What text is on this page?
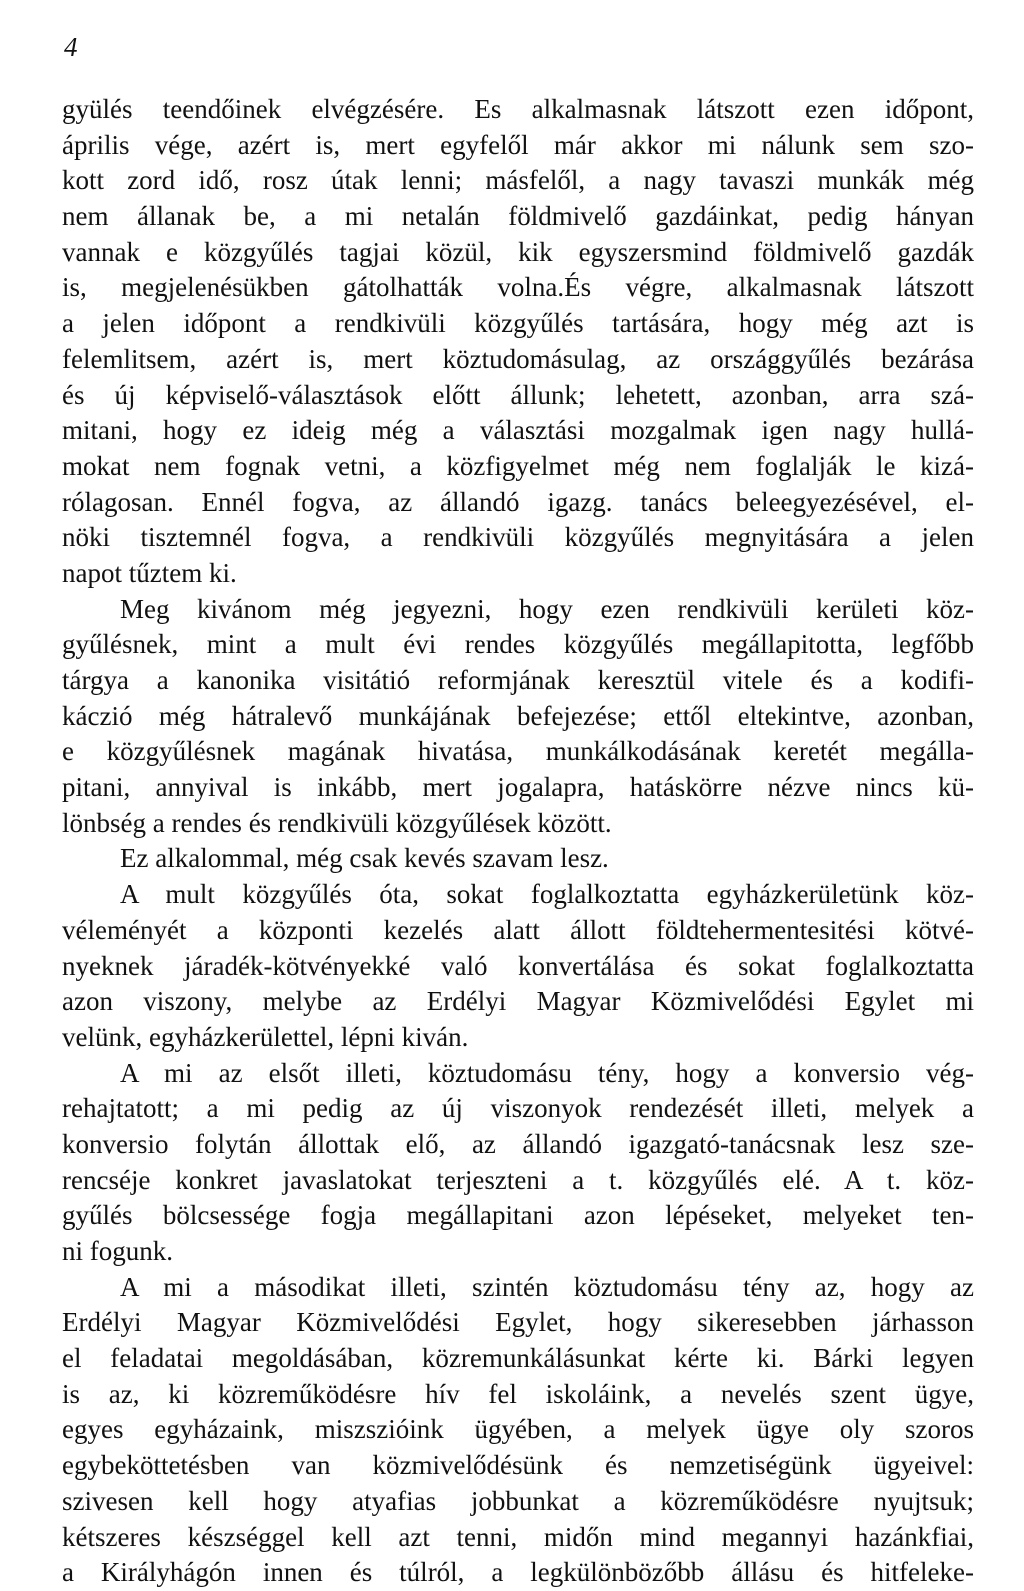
4
gyülés teendőinek elvégzésére. Es alkalmasnak látszott ezen időpont,
április vége, azért is, mert egyfelől már akkor mi nálunk sem szo-
kott zord idő, rosz útak lenni; másfelől, a nagy tavaszi munkák még
nem állanak be, a mi netalán földmivelő gazdáinkat, pedig hányan
vannak e közgyűlés tagjai közül, kik egyszersmind földmivelő gazdák
is, megjelenésükben gátolhatták volna.És végre, alkalmasnak látszott
a jelen időpont a rendkivüli közgyűlés tartására, hogy még azt is
felemlitsem, azért is, mert köztudomásulag, az országgyűlés bezárása
és új képviselő-választások előtt állunk; lehetett, azonban, arra szá-
mitani, hogy ez ideig még a választási mozgalmak igen nagy hullá-
mokat nem fognak vetni, a közfigyelmet még nem foglalják le kizá-
rólagosan. Ennél fogva, az állandó igazg. tanács beleegyezésével, el-
nöki tisztemnél fogva, a rendkivüli közgyűlés megnyitására a jelen
napot tűztem ki.
Meg kivánom még jegyezni, hogy ezen rendkivüli kerületi köz-
gyűlésnek, mint a mult évi rendes közgyűlés megállapitotta, legfőbb
tárgya a kanonika visitátió reformjának keresztül vitele és a kodifi-
káczió még hátralevő munkájának befejezése; ettől eltekintve, azonban,
e közgyűlésnek magának hivatása, munkálkodásának keretét megálla-
pitani, annyival is inkább, mert jogalapra, hatáskörre nézve nincs kü-
lönbség a rendes és rendkivüli közgyűlések között.
Ez alkalommal, még csak kevés szavam lesz.
A mult közgyűlés óta, sokat foglalkoztatta egyházkerületünk köz-
véleményét a központi kezelés alatt állott földtehermentesitési kötvé-
nyeknek járadék-kötvényekké való konvertálása és sokat foglalkoztatta
azon viszony, melybe az Erdélyi Magyar Közmivelődési Egylet mi
velünk, egyházkerülettel, lépni kiván.
A mi az elsőt illeti, köztudomásu tény, hogy a konversio vég-
rehajtatott; a mi pedig az új viszonyok rendezését illeti, melyek a
konversio folytán állottak elő, az állandó igazgató-tanácsnak lesz sze-
rencséje konkret javaslatokat terjeszteni a t. közgyűlés elé. A t. köz-
gyűlés bölcsessége fogja megállapitani azon lépéseket, melyeket ten-
ni fogunk.
A mi a másodikat illeti, szintén köztudomásu tény az, hogy az
Erdélyi Magyar Közmivelődési Egylet, hogy sikeresebben járhasson
el feladatai megoldásában, közremunkálásunkat kérte ki. Bárki legyen
is az, ki közreműködésre hív fel iskoláink, a nevelés szent ügye,
egyes egyházaink, miszszióink ügyében, a melyek ügye oly szoros
egybeköttetésben van közmivelődésünk és nemzetiségünk ügyeivel:
szivesen kell hogy atyafias jobbunkat a közreműködésre nyujtsuk;
kétszeres készséggel kell azt tenni, midőn mind megannyi hazánkfiai,
a Királyhágón innen és túlról, a legkülönbözőbb állásu és hitfeleke-
